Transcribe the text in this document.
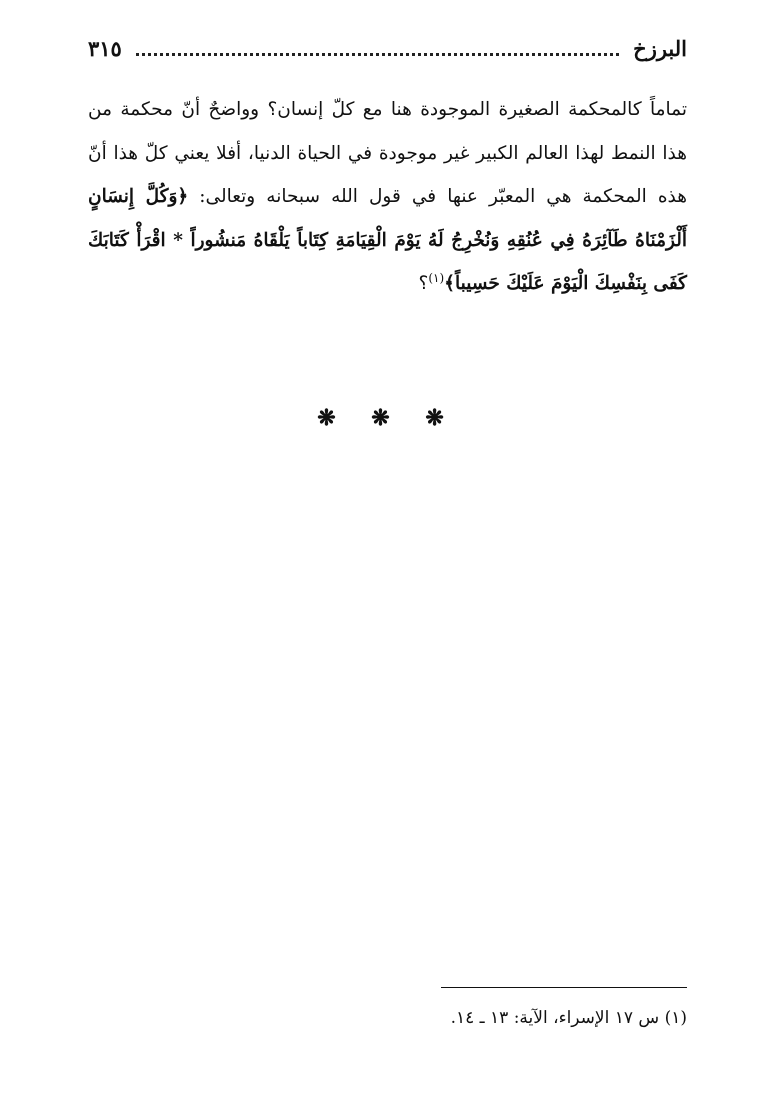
البرزخ
٣١٥
تماماً كالمحكمة الصغيرة الموجودة هنا مع كلّ إنسان؟ وواضحٌ أنّ محكمة من هذا النمط لهذا العالم الكبير غير موجودة في الحياة الدنيا، أفلا يعني كلّ هذا أنّ هذه المحكمة هي المعبّر عنها في قول الله سبحانه وتعالى: ﴿وَكُلَّ إِنسَانٍ أَلْزَمْنَاهُ طَآئِرَهُ فِي عُنُقِهِ وَنُخْرِجُ لَهُ يَوْمَ الْقِيَامَةِ كِتَاباً يَلْقَاهُ مَنشُوراً * اقْرَأْ كَتَابَكَ كَفَى بِنَفْسِكَ الْيَوْمَ عَلَيْكَ حَسِيباً﴾$^{(١)}$؟
❋ ❋ ❋
(١) س ١٧ الإسراء، الآية: ١٣ ـ ١٤.
